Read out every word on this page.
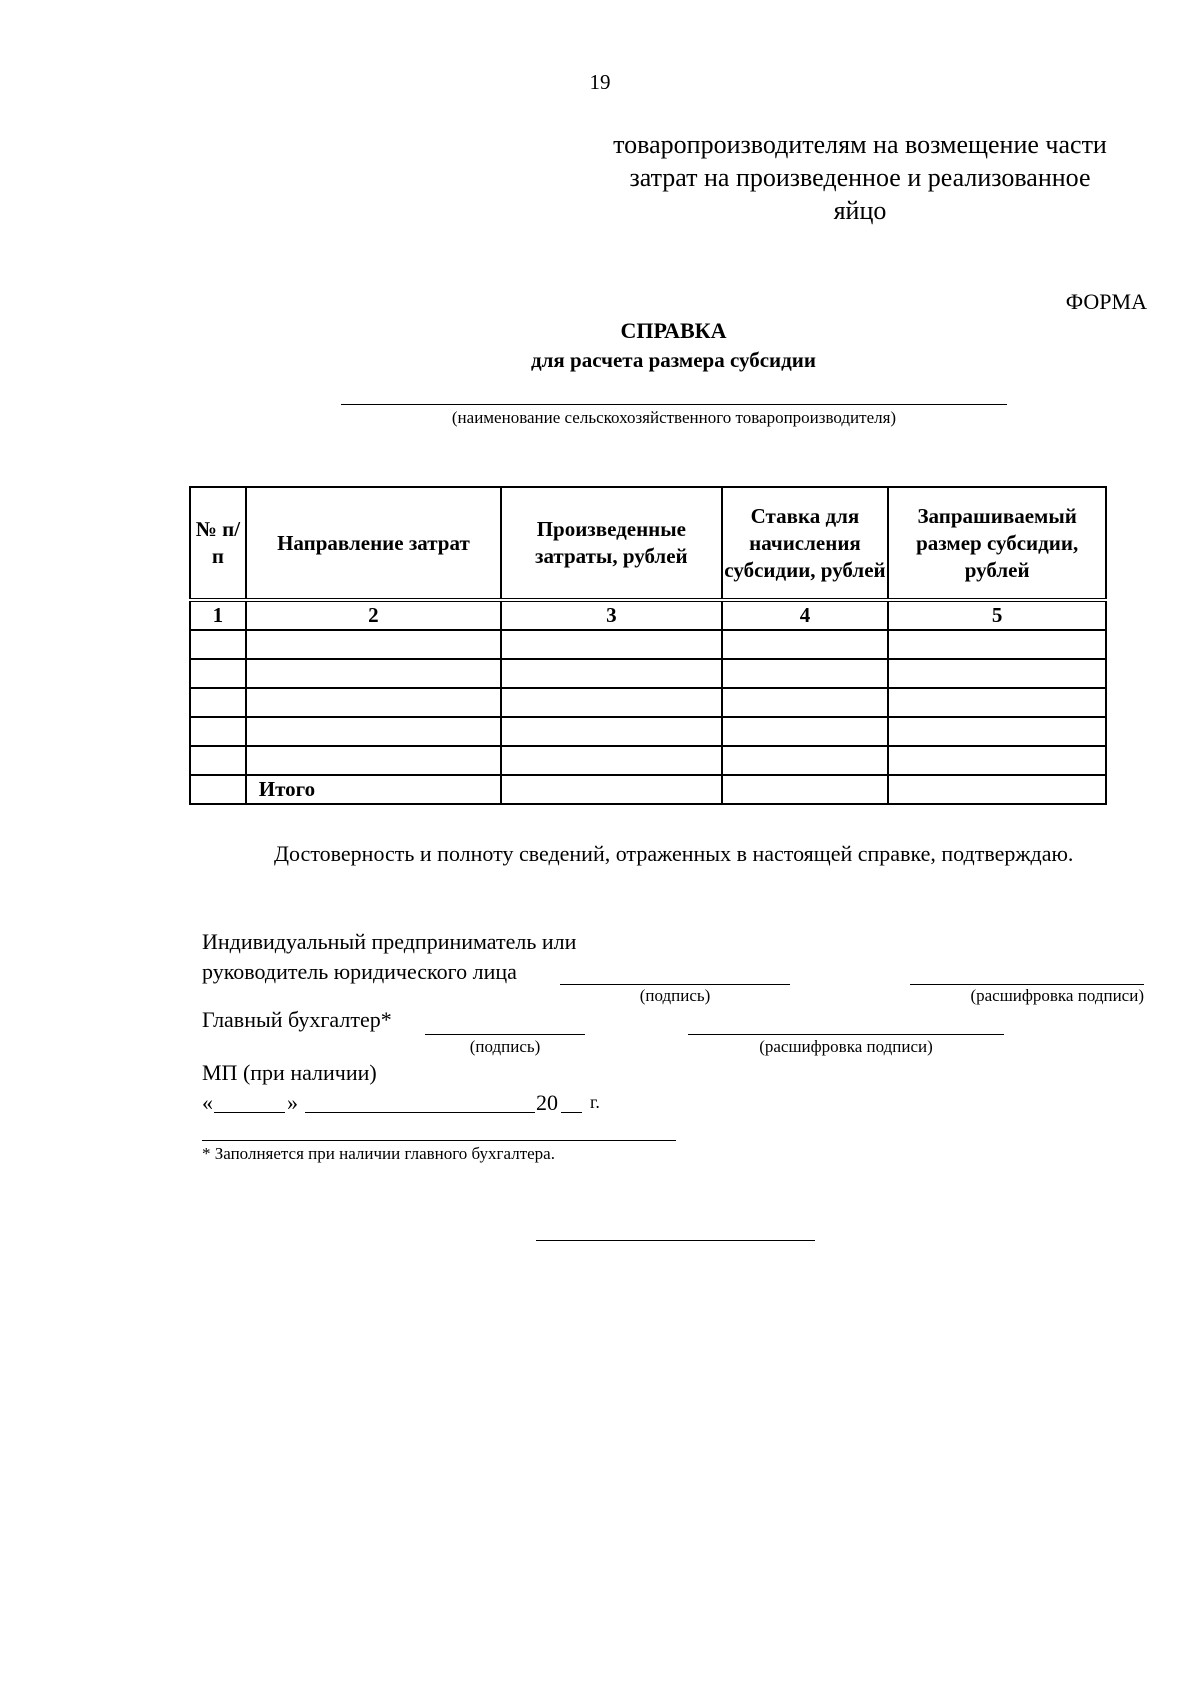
19
товаропроизводителям на возмещение части
затрат на произведенное и реализованное
яйцо
ФОРМА
СПРАВКА
для расчета размера субсидии
(наименование сельскохозяйственного товаропроизводителя)
№ п/п	Направление затрат	Произведенные затраты, рублей	Ставка для начисления субсидии, рублей	Запрашиваемый размер субсидии, рублей
1	2	3	4	5

	Итого			
Достоверность и полноту сведений, отраженных в настоящей справке, подтверждаю.
Индивидуальный предприниматель или
руководитель юридического лица
(подпись)	(расшифровка подписи)
Главный бухгалтер*
(подпись)	(расшифровка подписи)
МП (при наличии)
«	»	20 г.
* Заполняется при наличии главного бухгалтера.
